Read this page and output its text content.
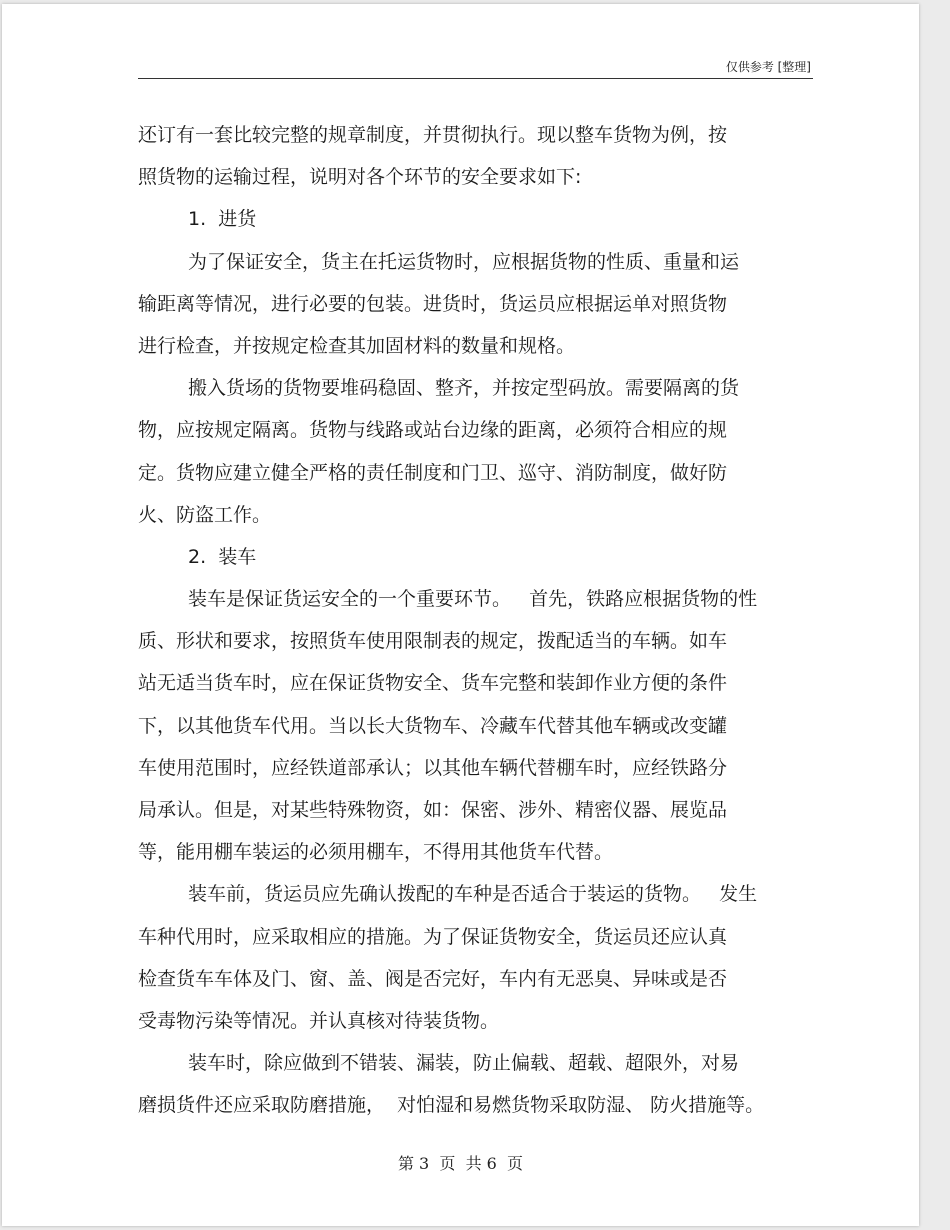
仅供参考 [整理]
还订有一套比较完整的规章制度，并贯彻执行。现以整车货物为例，按
照货物的运输过程，说明对各个环节的安全要求如下:
1.  进货
为了保证安全，货主在托运货物时，应根据货物的性质、重量和运
输距离等情况，进行必要的包装。进货时，货运员应根据运单对照货物
进行检查，并按规定检查其加固材料的数量和规格。
搬入货场的货物要堆码稳固、整齐，并按定型码放。需要隔离的货
物，应按规定隔离。货物与线路或站台边缘的距离，必须符合相应的规
定。货物应建立健全严格的责任制度和门卫、巡守、消防制度，做好防
火、防盗工作。
2.  装车
装车是保证货运安全的一个重要环节。   首先，铁路应根据货物的性
质、形状和要求，按照货车使用限制表的规定，拨配适当的车辆。如车
站无适当货车时，应在保证货物安全、货车完整和装卸作业方便的条件
下，以其他货车代用。当以长大货物车、冷藏车代替其他车辆或改变罐
车使用范围时，应经铁道部承认；以其他车辆代替棚车时，应经铁路分
局承认。但是，对某些特殊物资，如：保密、涉外、精密仪器、展览品
等，能用棚车装运的必须用棚车，不得用其他货车代替。
装车前，货运员应先确认拨配的车种是否适合于装运的货物。   发生
车种代用时，应采取相应的措施。为了保证货物安全，货运员还应认真
检查货车车体及门、窗、盖、阀是否完好，车内有无恶臭、异味或是否
受毒物污染等情况。并认真核对待装货物。
装车时，除应做到不错装、漏装，防止偏载、超载、超限外，对易
磨损货件还应采取防磨措施，  对怕湿和易燃货物采取防湿、 防火措施等。
第 3  页  共 6  页
